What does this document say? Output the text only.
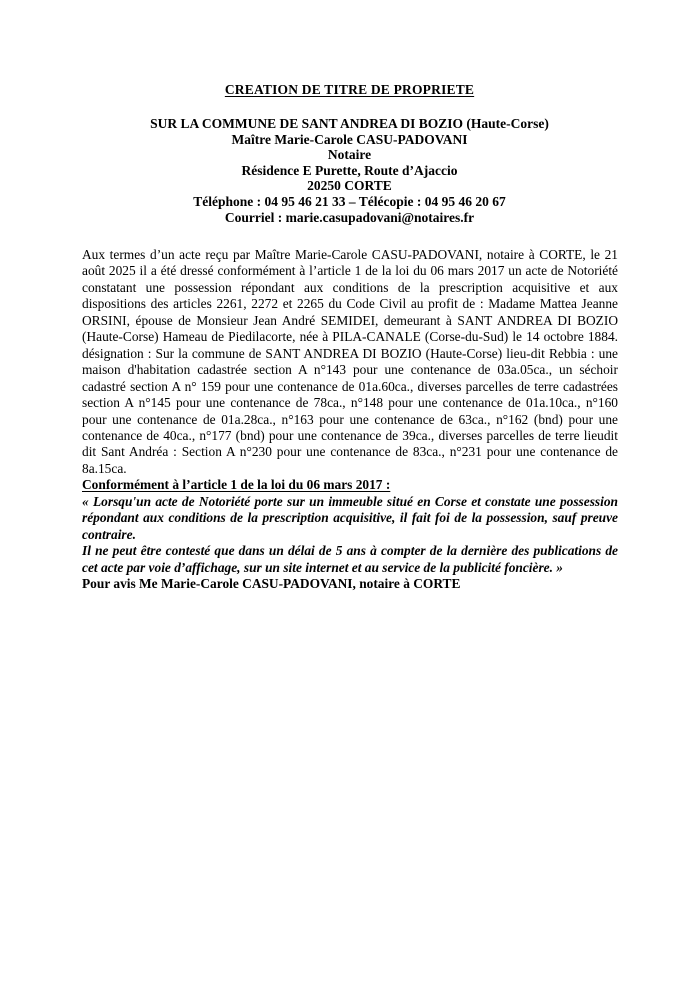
CREATION DE TITRE DE PROPRIETE
SUR LA COMMUNE DE SANT ANDREA DI BOZIO (Haute-Corse)
Maître Marie-Carole CASU-PADOVANI
Notaire
Résidence E Purette, Route d’Ajaccio
20250 CORTE
Téléphone : 04 95 46 21 33 – Télécopie : 04 95 46 20 67
Courriel : marie.casupadovani@notaires.fr

Aux termes d’un acte reçu par Maître Marie-Carole CASU-PADOVANI, notaire à CORTE, le 21 août 2025 il a été dressé conformément à l’article 1 de la loi du 06 mars 2017 un acte de Notoriété constatant une possession répondant aux conditions de la prescription acquisitive et aux dispositions des articles 2261, 2272 et 2265 du Code Civil au profit de : Madame Mattea Jeanne ORSINI, épouse de Monsieur Jean André SEMIDEI, demeurant à SANT ANDREA DI BOZIO (Haute-Corse) Hameau de Piedilacorte, née à PILA-CANALE (Corse-du-Sud) le 14 octobre 1884. désignation : Sur la commune de SANT ANDREA DI BOZIO (Haute-Corse) lieu-dit Rebbia : une maison d'habitation cadastrée section A n°143 pour une contenance de 03a.05ca., un séchoir cadastré section A n° 159 pour une contenance de 01a.60ca., diverses parcelles de terre cadastrées section A n°145 pour une contenance de 78ca., n°148 pour une contenance de 01a.10ca., n°160 pour une contenance de 01a.28ca., n°163 pour une contenance de 63ca., n°162 (bnd) pour une contenance de 40ca., n°177 (bnd) pour une contenance de 39ca., diverses parcelles de terre lieudit dit Sant Andréa : Section A n°230 pour une contenance de 83ca., n°231 pour une contenance de 8a.15ca.

Conformément à l’article 1 de la loi du 06 mars 2017 :

« Lorsqu'un acte de Notoriété porte sur un immeuble situé en Corse et constate une possession répondant aux conditions de la prescription acquisitive, il fait foi de la possession, sauf preuve contraire.

Il ne peut être contesté que dans un délai de 5 ans à compter de la dernière des publications de cet acte par voie d’affichage, sur un site internet et au service de la publicité foncière. »

Pour avis Me Marie-Carole CASU-PADOVANI, notaire à CORTE
